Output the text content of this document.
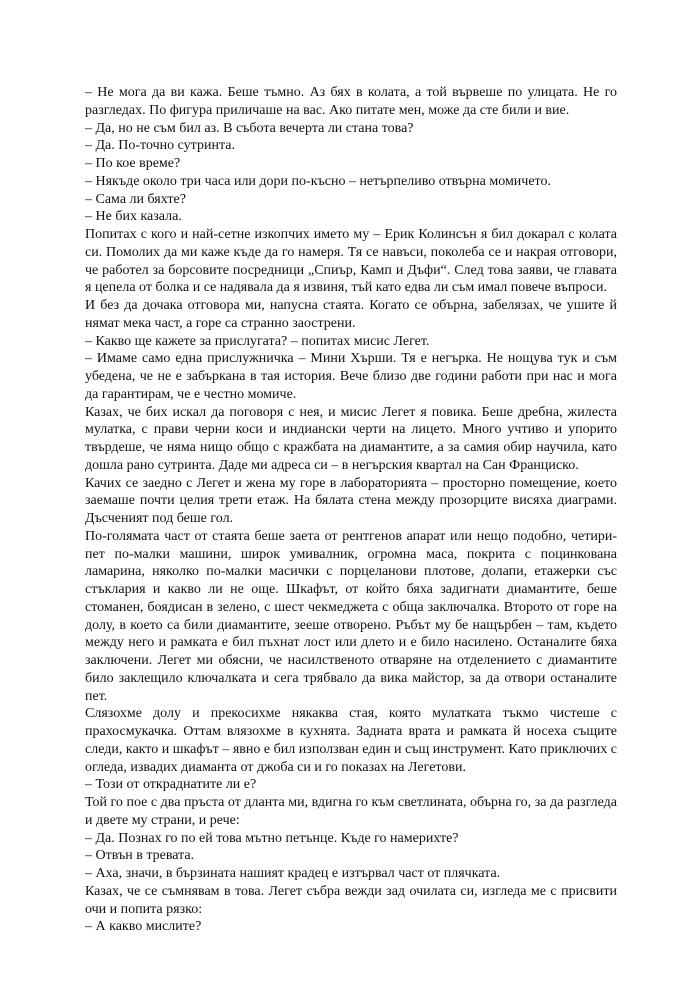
– Не мога да ви кажа. Беше тъмно. Аз бях в колата, а той вървеше по улицата. Не го разгледах. По фигура приличаше на вас. Ако питате мен, може да сте били и вие.

– Да, но не съм бил аз. В събота вечерта ли стана това?

– Да. По‐точно сутринта.

– По кое време?

– Някъде около три часа или дори по‐късно – нетърпеливо отвърна момичето.

– Сама ли бяхте?

– Не бих казала.

Попитах с кого и най‐сетне изкопчих името му – Ерик Колинсън я бил докарал с колата си. Помолих да ми каже къде да го намеря. Тя се навъси, поколеба се и накрая отговори, че работел за борсовите посредници „Спиър, Камп и Дъфи“. След това заяви, че главата я цепела от болка и се надявала да я извиня, тъй като едва ли съм имал повече въпроси.

И без да дочака отговора ми, напусна стаята. Когато се обърна, забелязах, че ушите й нямат мека част, а горе са странно заострени.

– Какво ще кажете за прислугата? – попитах мисис Легет.

– Имаме само една прислужничка – Мини Хърши. Тя е негърка. Не нощува тук и съм убедена, че не е забъркана в тая история. Вече близо две години работи при нас и мога да гарантирам, че е честно момиче.

Казах, че бих искал да поговоря с нея, и мисис Легет я повика. Беше дребна, жилеста мулатка, с прави черни коси и индиански черти на лицето. Много учтиво и упорито твърдеше, че няма нищо общо с кражбата на диамантите, а за самия обир научила, като дошла рано сутринта. Даде ми адреса си – в негърския квартал на Сан Франциско.

Качих се заедно с Легет и жена му горе в лабораторията – просторно помещение, което заемаше почти целия трети етаж. На бялата стена между прозорците висяха диаграми. Дъсченият под беше гол.

По‐голямата част от стаята беше заета от рентгенов апарат или нещо подобно, четири‐пет по‐малки машини, широк умивалник, огромна маса, покрита с поцинкована ламарина, няколко по‐малки масички с порцеланови плотове, долапи, етажерки със стъклария и какво ли не още. Шкафът, от който бяха задигнати диамантите, беше стоманен, боядисан в зелено, с шест чекмеджета с обща заключалка. Второто от горе на долу, в което са били диамантите, зееше отворено. Ръбът му бе нащърбен – там, където между него и рамката е бил пъхнат лост или длето и е било насилено. Останалите бяха заключени. Легет ми обясни, че насилственото отваряне на отделението с диамантите било заклещило ключалката и сега трябвало да вика майстор, за да отвори останалите пет.

Слязохме долу и прекосихме някаква стая, която мулатката тъкмо чистеше с прахосмукачка. Оттам влязохме в кухнята. Задната врата и рамката й носеха същите следи, както и шкафът – явно е бил използван един и същ инструмент. Като приключих с огледа, извадих диаманта от джоба си и го показах на Легетови.

– Този от откраднатите ли е?

Той го пое с два пръста от дланта ми, вдигна го към светлината, обърна го, за да разгледа и двете му страни, и рече:

– Да. Познах го по ей това мътно петънце. Къде го намерихте?

– Отвън в тревата.

– Аха, значи, в бързината нашият крадец е изтървал част от плячката.

Казах, че се съмнявам в това. Легет събра вежди зад очилата си, изгледа ме с присвити очи и попита рязко:

– А какво мислите?
